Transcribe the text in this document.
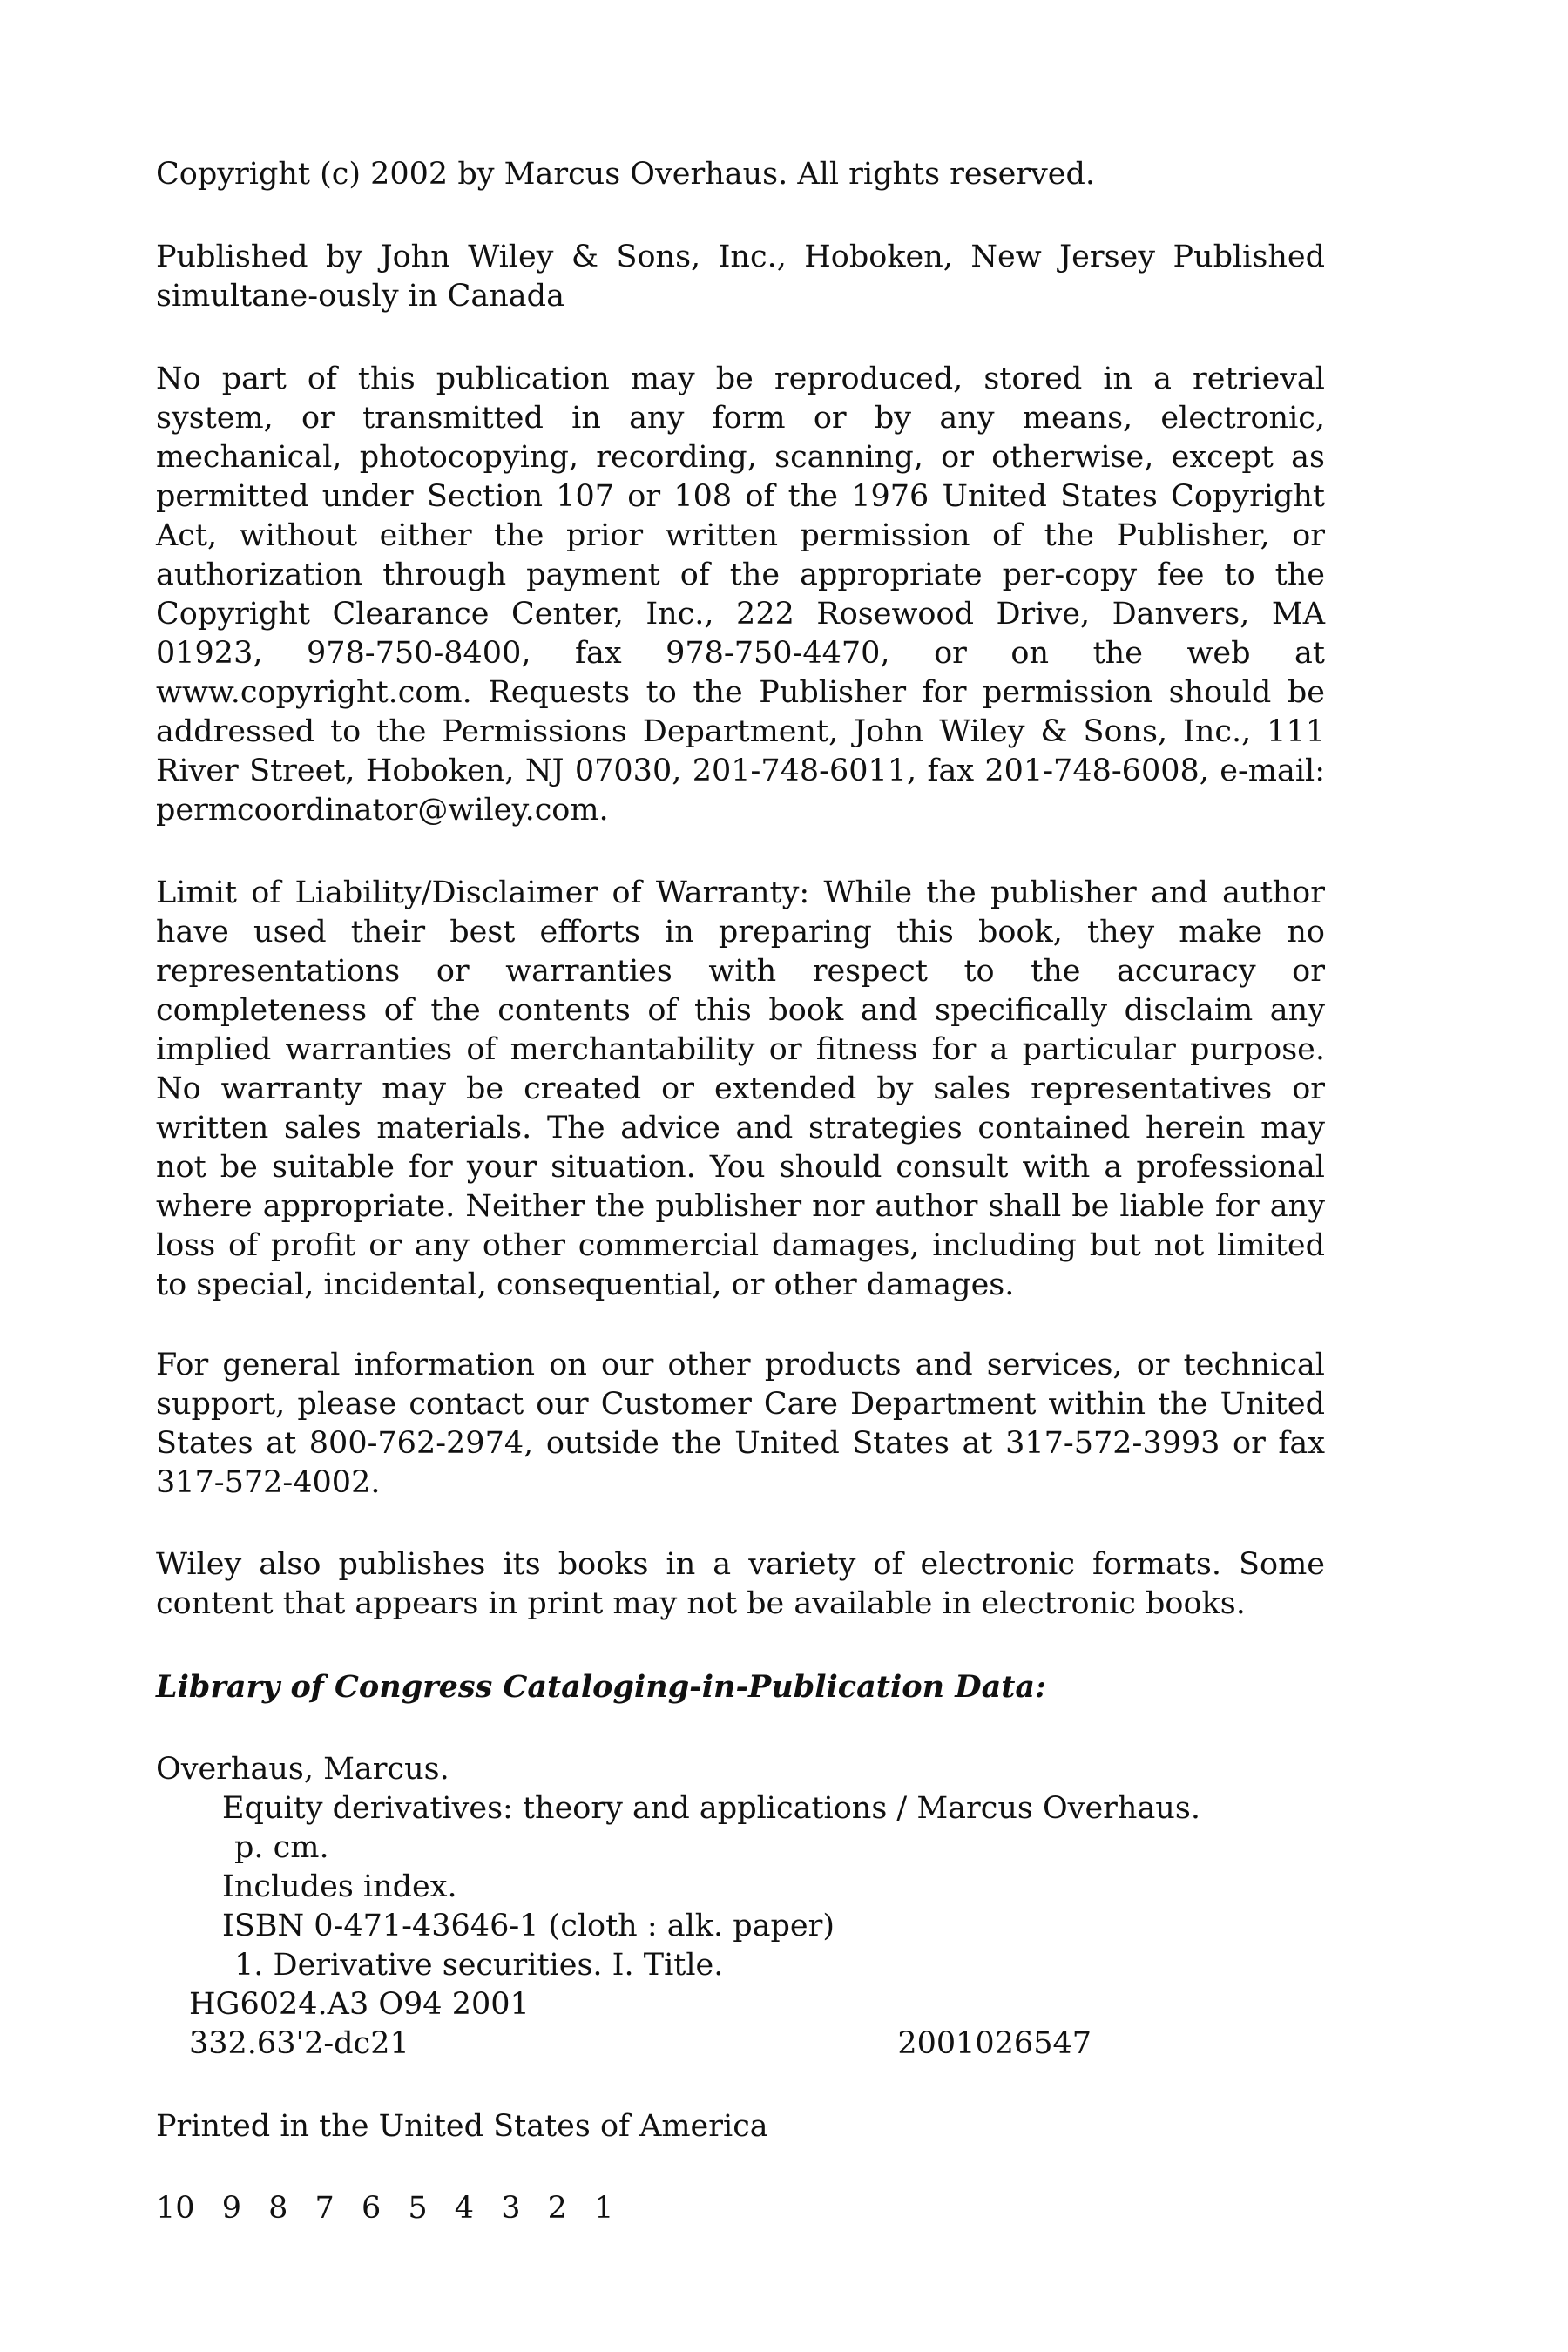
Copyright (c) 2002 by Marcus Overhaus. All rights reserved.

Published by John Wiley & Sons, Inc., Hoboken, New Jersey Published simultane-ously in Canada

No part of this publication may be reproduced, stored in a retrieval system, or transmitted in any form or by any means, electronic, mechanical, photocopying, recording, scanning, or otherwise, except as permitted under Section 107 or 108 of the 1976 United States Copyright Act, without either the prior written permission of the Publisher, or authorization through payment of the appropriate per-copy fee to the Copyright Clearance Center, Inc., 222 Rosewood Drive, Danvers, MA 01923, 978-750-8400, fax 978-750-4470, or on the web at www.copyright.com. Requests to the Publisher for permission should be addressed to the Permissions Department, John Wiley & Sons, Inc., 111 River Street, Hoboken, NJ 07030, 201-748-6011, fax 201-748-6008, e-mail: permcoordinator@wiley.com.

Limit of Liability/Disclaimer of Warranty: While the publisher and author have used their best efforts in preparing this book, they make no representations or warranties with respect to the accuracy or completeness of the contents of this book and specifically disclaim any implied warranties of merchantability or fitness for a particular purpose. No warranty may be created or extended by sales representatives or written sales materials. The advice and strategies contained herein may not be suitable for your situation. You should consult with a professional where appropriate. Neither the publisher nor author shall be liable for any loss of profit or any other commercial damages, including but not limited to special, incidental, consequential, or other damages.

For general information on our other products and services, or technical support, please contact our Customer Care Department within the United States at 800-762-2974, outside the United States at 317-572-3993 or fax 317-572-4002.

Wiley also publishes its books in a variety of electronic formats. Some content that appears in print may not be available in electronic books.

Library of Congress Cataloging-in-Publication Data:
Overhaus, Marcus.
Equity derivatives: theory and applications / Marcus Overhaus.
p. cm.
Includes index.
ISBN 0-471-43646-1 (cloth : alk. paper)
1. Derivative securities. I. Title.
HG6024.A3 O94 2001
332.63'2-dc21	2001026547
Printed in the United States of America
10 9 8 7 6 5 4 3 2 1
